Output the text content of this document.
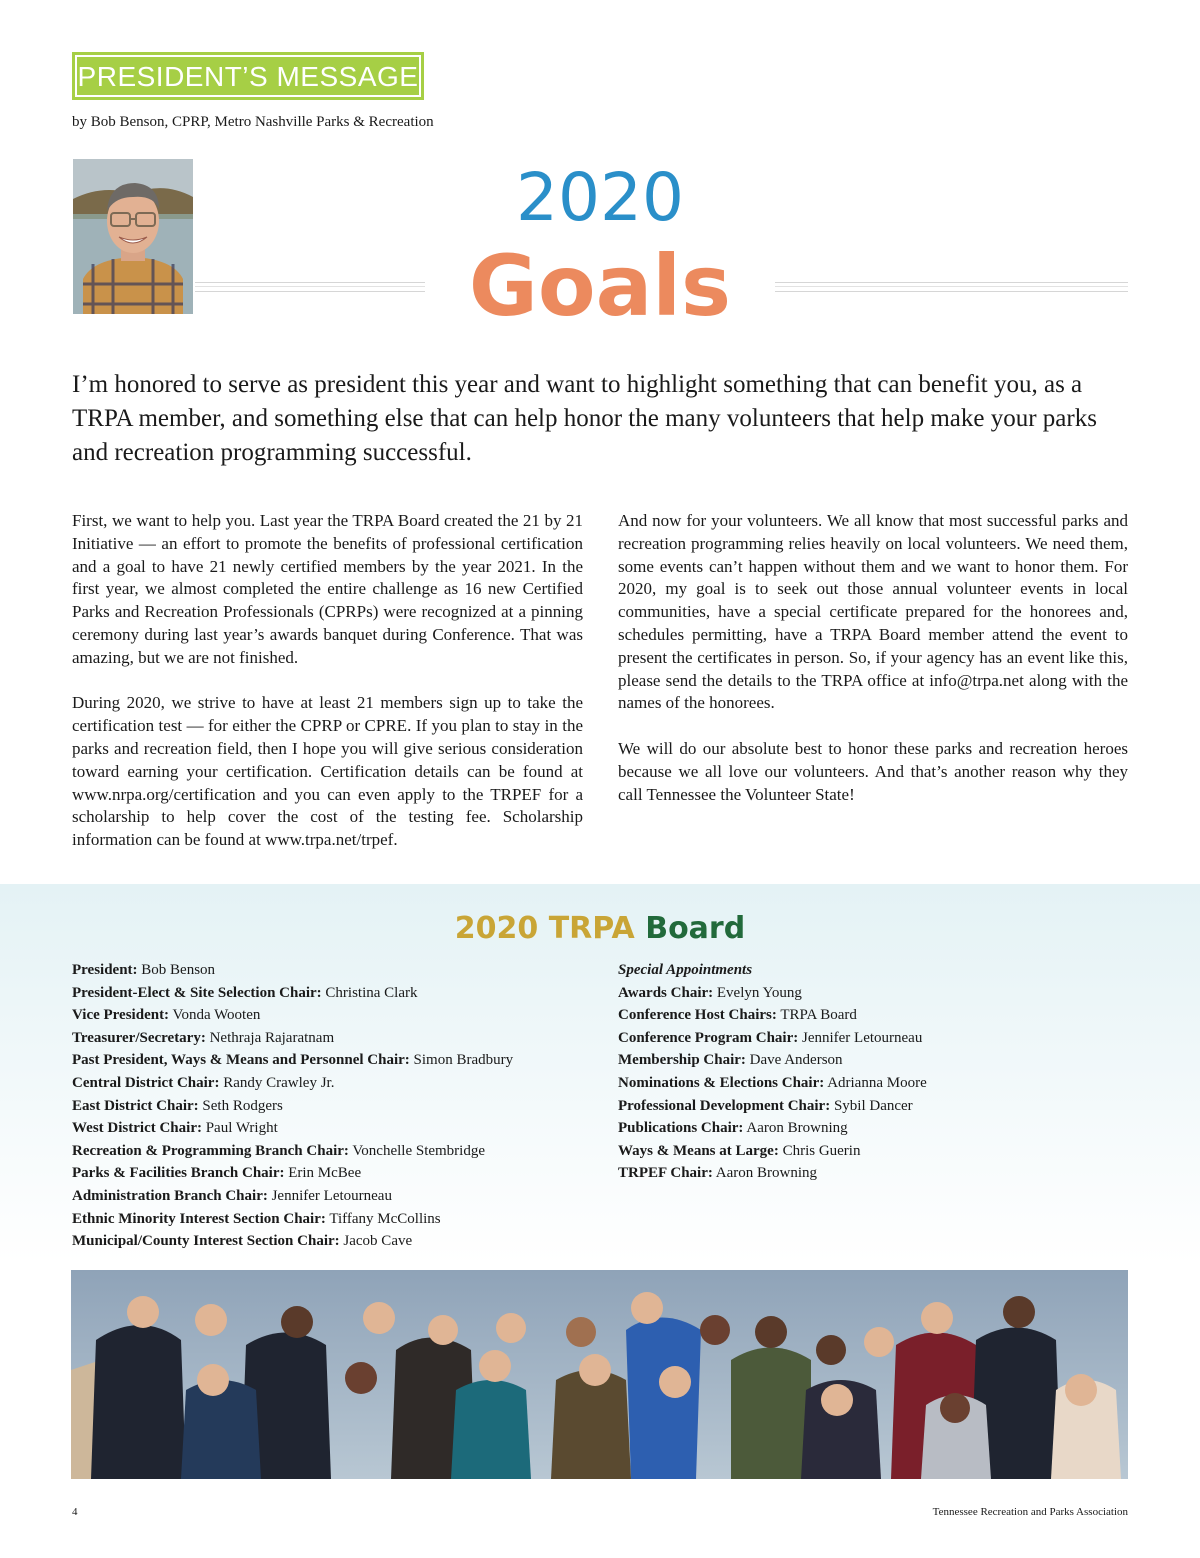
PRESIDENT’S MESSAGE
by Bob Benson, CPRP, Metro Nashville Parks & Recreation
2020
Goals
I’m honored to serve as president this year and want to highlight something that can benefit you, as a TRPA member, and something else that can help honor the many volunteers that help make your parks and recreation programming successful.

First, we want to help you. Last year the TRPA Board created the 21 by 21 Initiative — an effort to promote the benefits of professional certification and a goal to have 21 newly certified members by the year 2021. In the first year, we almost completed the entire challenge as 16 new Certified Parks and Recreation Professionals (CPRPs) were recognized at a pinning ceremony during last year’s awards banquet during Conference. That was amazing, but we are not finished.

During 2020, we strive to have at least 21 members sign up to take the certification test — for either the CPRP or CPRE. If you plan to stay in the parks and recreation field, then I hope you will give serious consideration toward earning your certification. Certification details can be found at www.nrpa.org/certification and you can even apply to the TRPEF for a scholarship to help cover the cost of the testing fee. Scholarship information can be found at www.trpa.net/trpef.

And now for your volunteers. We all know that most successful parks and recreation programming relies heavily on local volunteers. We need them, some events can’t happen without them and we want to honor them. For 2020, my goal is to seek out those annual volunteer events in local communities, have a special certificate prepared for the honorees and, schedules permitting, have a TRPA Board member attend the event to present the certificates in person. So, if your agency has an event like this, please send the details to the TRPA office at info@trpa.net along with the names of the honorees.

We will do our absolute best to honor these parks and recreation heroes because we all love our volunteers. And that’s another reason why they call Tennessee the Volunteer State!

2020 TRPA Board
President: Bob Benson
President-Elect & Site Selection Chair: Christina Clark
Vice President: Vonda Wooten
Treasurer/Secretary: Nethraja Rajaratnam
Past President, Ways & Means and Personnel Chair: Simon Bradbury
Central District Chair: Randy Crawley Jr.
East District Chair: Seth Rodgers
West District Chair: Paul Wright
Recreation & Programming Branch Chair: Vonchelle Stembridge
Parks & Facilities Branch Chair: Erin McBee
Administration Branch Chair: Jennifer Letourneau
Ethnic Minority Interest Section Chair: Tiffany McCollins
Municipal/County Interest Section Chair: Jacob Cave
Special Appointments
Awards Chair: Evelyn Young
Conference Host Chairs: TRPA Board
Conference Program Chair: Jennifer Letourneau
Membership Chair: Dave Anderson
Nominations & Elections Chair: Adrianna Moore
Professional Development Chair: Sybil Dancer
Publications Chair: Aaron Browning
Ways & Means at Large: Chris Guerin
TRPEF Chair: Aaron Browning
4	Tennessee Recreation and Parks Association
